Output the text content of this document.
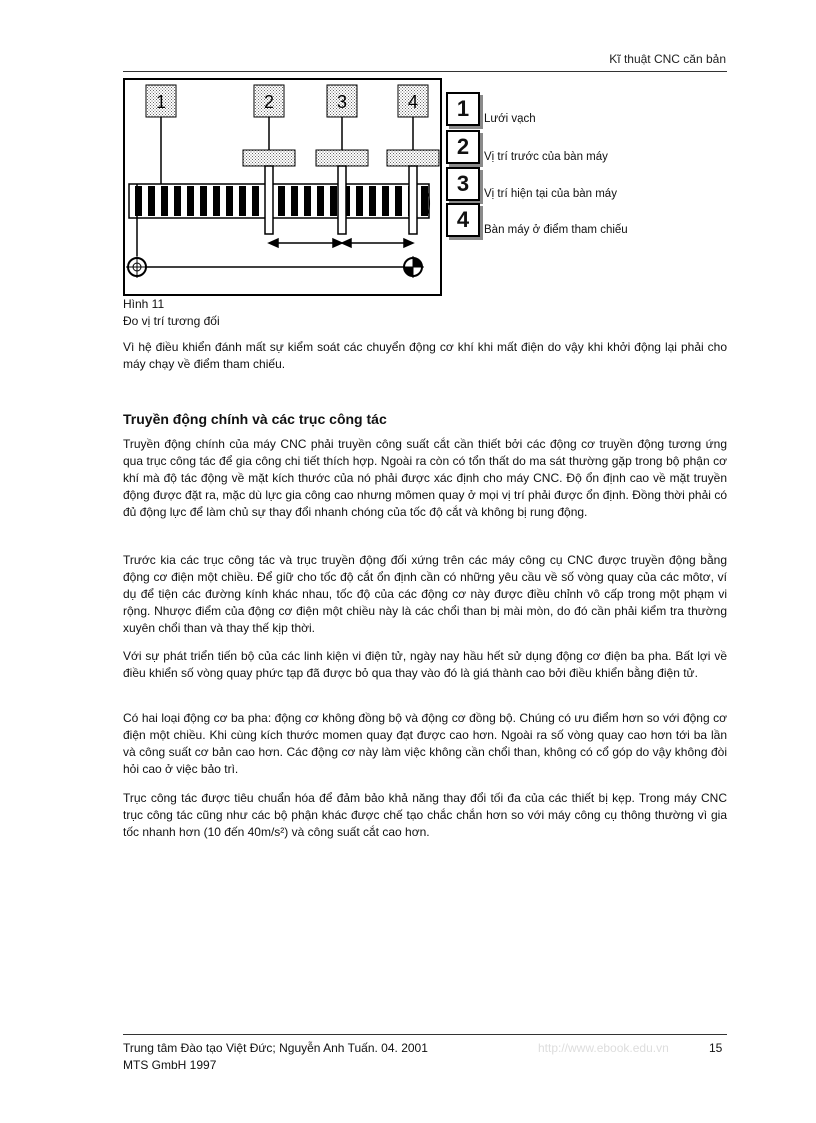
Kĩ thuật CNC căn bản
1	2	3	4	1	Lưới vạch
2	Vị trí trước của bàn máy
3	Vị trí hiện tại của bàn máy
4	Bàn máy ở điểm tham chiếu
Hình 11
Đo vị trí tương đối

Vì hệ điều khiển đánh mất sự kiểm soát các chuyển động cơ khí khi mất điện do vậy khi khởi động lại phải cho máy chạy về điểm tham chiếu.

Truyền động chính và các trục công tác

Truyền động chính của máy CNC phải truyền công suất cắt cần thiết bởi các động cơ truyền động tương ứng qua trục công tác để gia công chi tiết thích hợp. Ngoài ra còn có tổn thất do ma sát thường gặp trong bộ phận cơ khí mà độ tác động về mặt kích thước của nó phải được xác định cho máy CNC. Độ ổn định cao về mặt truyền động được đặt ra, mặc dù lực gia công cao nhưng mômen quay ở mọi vị trí phải được ổn định. Đồng thời phải có đủ động lực để làm chủ sự thay đổi nhanh chóng của tốc độ cắt và không bị rung động.

Trước kia các trục công tác và trục truyền động đối xứng trên các máy công cụ CNC được truyền động bằng động cơ điện một chiều. Để giữ cho tốc độ cắt ổn định cần có những yêu cầu về số vòng quay của các môtơ, ví dụ để tiện các đường kính khác nhau, tốc độ của các động cơ này được điều chỉnh vô cấp trong một phạm vi rộng. Nhược điểm của động cơ điện một chiều này là các chổi than bị mài mòn, do đó cần phải kiểm tra thường xuyên chổi than và thay thế kịp thời.

Với sự phát triển tiến bộ của các linh kiện vi điện tử, ngày nay hầu hết sử dụng động cơ điện ba pha. Bất lợi về điều khiển số vòng quay phức tạp đã được bỏ qua thay vào đó là giá thành cao bởi điều khiển bằng điện tử.

Có hai loại động cơ ba pha: động cơ không đồng bộ và động cơ đồng bộ. Chúng có ưu điểm hơn so với động cơ điện một chiều. Khi cùng kích thước momen quay đạt được cao hơn. Ngoài ra số vòng quay cao hơn tới ba lần và công suất cơ bản cao hơn. Các động cơ này làm việc không cần chổi than, không có cổ góp do vậy không đòi hỏi cao ở việc bảo trì.

Trục công tác được tiêu chuẩn hóa để đảm bảo khả năng thay đổi tối đa của các thiết bị kẹp. Trong máy CNC trục công tác cũng như các bộ phận khác được chế tạo chắc chắn hơn so với máy công cụ thông thường vì gia tốc nhanh hơn (10 đến 40m/s²) và công suất cắt cao hơn.

Trung tâm Đào tạo Việt Đức; Nguyễn Anh Tuấn. 04. 2001
MTS GmbH 1997
http://www.ebook.edu.vn	15
